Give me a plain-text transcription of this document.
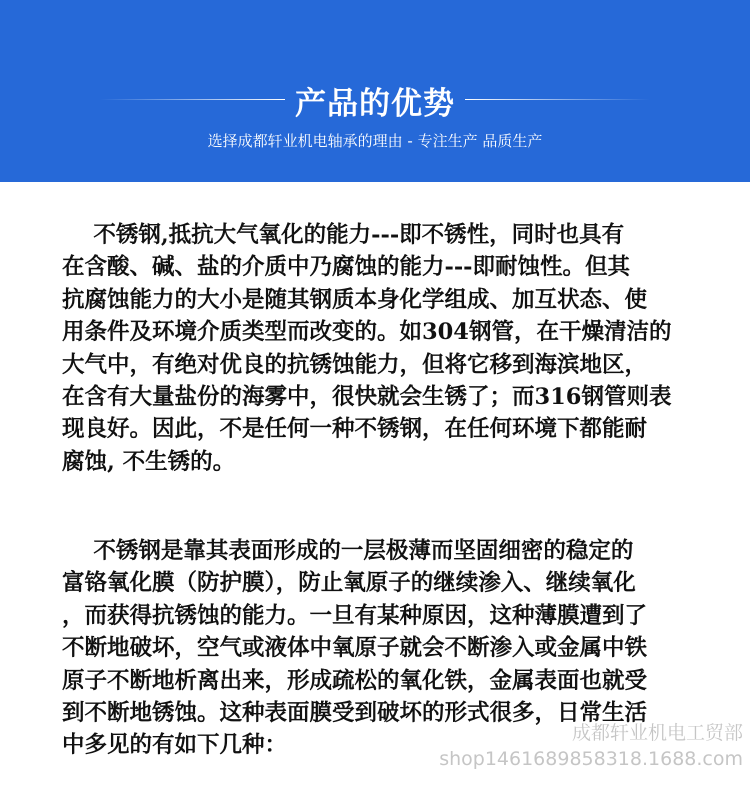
产品的优势
选择成都轩业机电轴承的理由 - 专注生产 品质生产
不锈钢,抵抗大气氧化的能力---即不锈性，同时也具有
在含酸、碱、盐的介质中乃腐蚀的能力---即耐蚀性。但其
抗腐蚀能力的大小是随其钢质本身化学组成、加互状态、使
用条件及环境介质类型而改变的。如304钢管，在干燥清洁的
大气中，有绝对优良的抗锈蚀能力，但将它移到海滨地区，
在含有大量盐份的海雾中，很快就会生锈了；而316钢管则表
现良好。因此，不是任何一种不锈钢，在任何环境下都能耐
腐蚀, 不生锈的。
不锈钢是靠其表面形成的一层极薄而坚固细密的稳定的
富铬氧化膜（防护膜），防止氧原子的继续渗入、继续氧化
，而获得抗锈蚀的能力。一旦有某种原因，这种薄膜遭到了
不断地破坏，空气或液体中氧原子就会不断渗入或金属中铁
原子不断地析离出来，形成疏松的氧化铁，金属表面也就受
到不断地锈蚀。这种表面膜受到破坏的形式很多，日常生活
中多见的有如下几种：	成都轩业机电工贸部
shop1461689858318.1688.com
